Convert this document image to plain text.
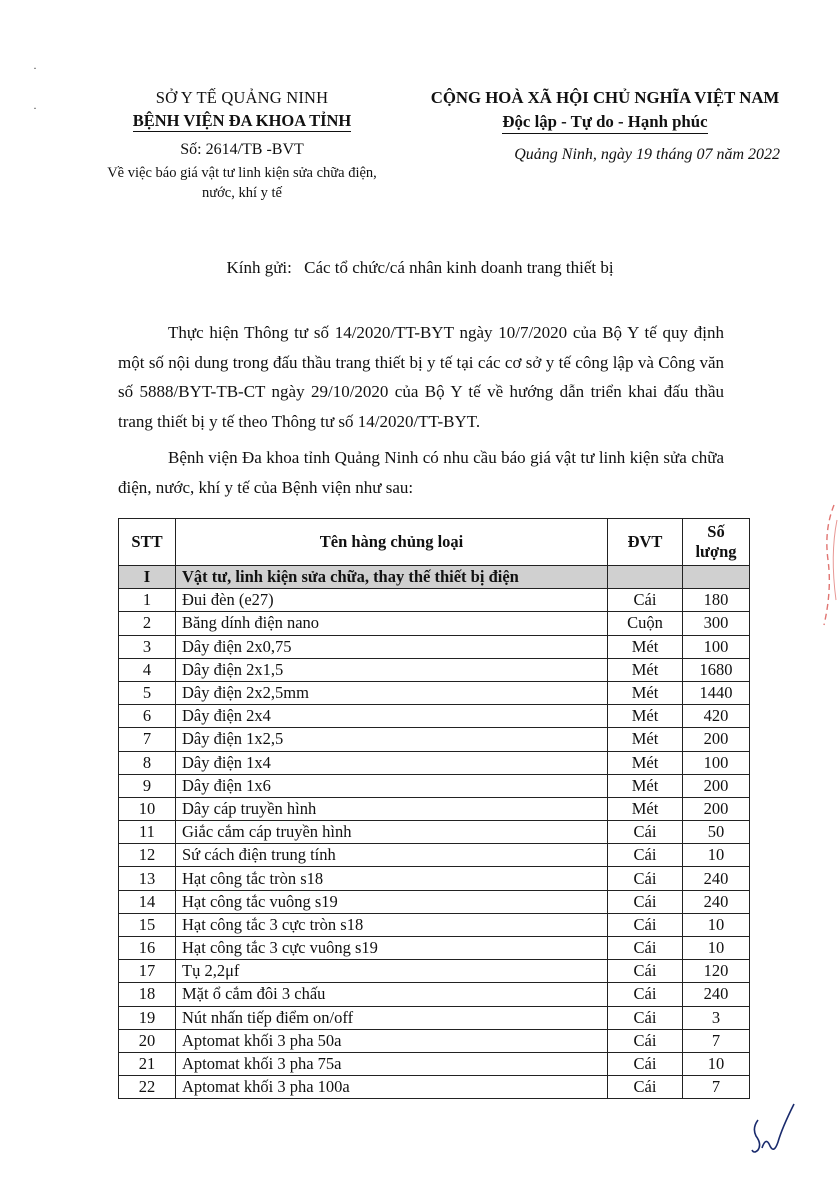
·
·
SỞ Y TẾ QUẢNG NINH
BỆNH VIỆN ĐA KHOA TỈNH
Số: 2614/TB -BVT
Về việc báo giá vật tư linh kiện sửa chữa điện,
nước, khí y tế
CỘNG HOÀ XÃ HỘI CHỦ NGHĨA VIỆT NAM
Độc lập - Tự do - Hạnh phúc
Quảng Ninh, ngày 19 tháng 07 năm 2022
Kính gửi: Các tổ chức/cá nhân kinh doanh trang thiết bị
Thực hiện Thông tư số 14/2020/TT-BYT ngày 10/7/2020 của Bộ Y tế quy định một số nội dung trong đấu thầu trang thiết bị y tế tại các cơ sở y tế công lập và Công văn số 5888/BYT-TB-CT ngày 29/10/2020 của Bộ Y tế về hướng dẫn triển khai đấu thầu trang thiết bị y tế theo Thông tư số 14/2020/TT-BYT.
Bệnh viện Đa khoa tỉnh Quảng Ninh có nhu cầu báo giá vật tư linh kiện sửa chữa điện, nước, khí y tế của Bệnh viện như sau:
STT	Tên hàng chủng loại	ĐVT	Số
lượng

I	Vật tư, linh kiện sửa chữa, thay thế thiết bị điện		
1	Đui đèn (e27)	Cái	180
2	Băng dính điện nano	Cuộn	300
3	Dây điện 2x0,75	Mét	100
4	Dây điện 2x1,5	Mét	1680
5	Dây điện 2x2,5mm	Mét	1440
6	Dây điện 2x4	Mét	420
7	Dây điện 1x2,5	Mét	200
8	Dây điện 1x4	Mét	100
9	Dây điện 1x6	Mét	200
10	Dây cáp truyền hình	Mét	200
11	Giắc cắm cáp truyền hình	Cái	50
12	Sứ cách điện trung tính	Cái	10
13	Hạt công tắc tròn s18	Cái	240
14	Hạt công tắc vuông s19	Cái	240
15	Hạt công tắc 3 cực tròn s18	Cái	10
16	Hạt công tắc 3 cực vuông s19	Cái	10
17	Tụ 2,2μf	Cái	120
18	Mặt ổ cắm đôi 3 chấu	Cái	240
19	Nút nhấn tiếp điểm on/off	Cái	3
20	Aptomat khối 3 pha 50a	Cái	7
21	Aptomat khối 3 pha 75a	Cái	10
22	Aptomat khối 3 pha 100a	Cái	7
